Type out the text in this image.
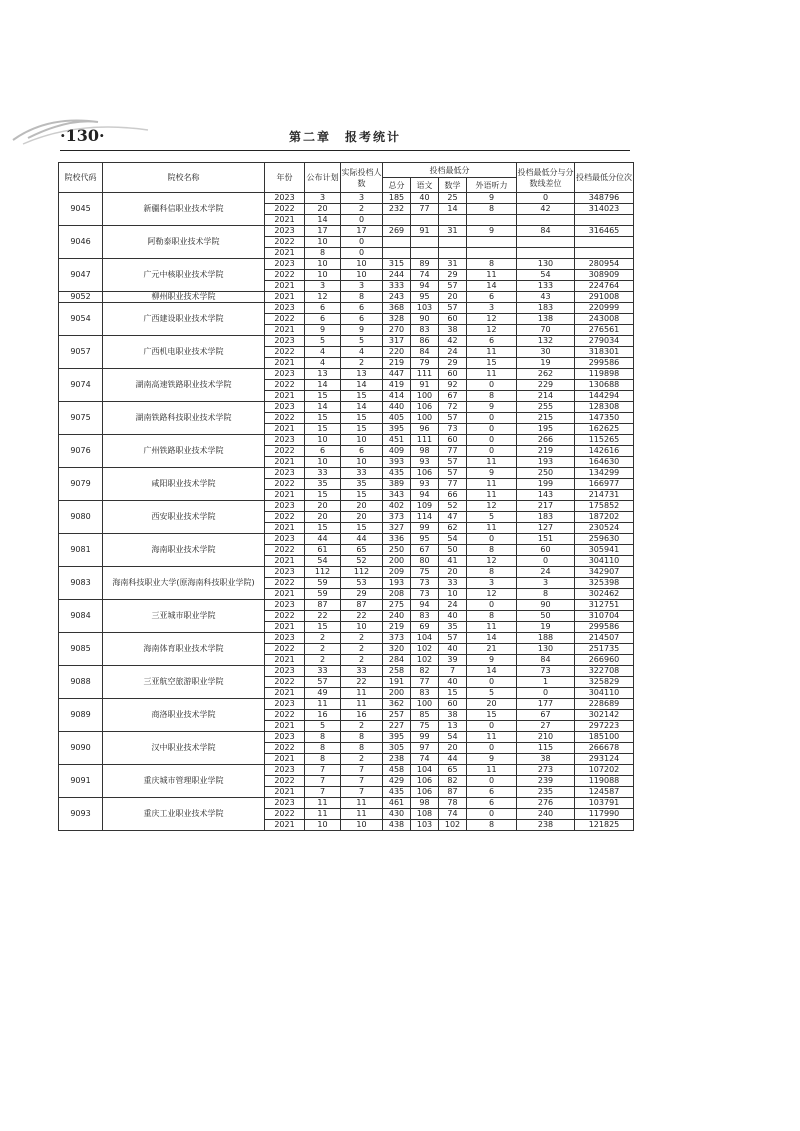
·130·	第二章　报考统计
院校代码	院校名称	年份	公布计划	实际投档人数	投档最低分				投档最低分与分数线差位	投档最低分位次
					总分	语文	数学	外语听力		
9045	新疆科信职业技术学院	2023	3	3	185	40	25	9	0	348796
		2022	20	2	232	77	14	8	42	314023
		2021	14	0						
9046	阿勒泰职业技术学院	2023	17	17	269	91	31	9	84	316465
		2022	10	0						
		2021	8	0						
9047	广元中核职业技术学院	2023	10	10	315	89	31	8	130	280954
		2022	10	10	244	74	29	11	54	308909
		2021	3	3	333	94	57	14	133	224764
9052	柳州职业技术学院	2021	12	8	243	95	20	6	43	291008
9054	广西建设职业技术学院	2023	6	6	368	103	57	3	183	220999
		2022	6	6	328	90	60	12	138	243008
		2021	9	9	270	83	38	12	70	276561
9057	广西机电职业技术学院	2023	5	5	317	86	42	6	132	279034
		2022	4	4	220	84	24	11	30	318301
		2021	4	2	219	79	29	15	19	299586
9074	湖南高速铁路职业技术学院	2023	13	13	447	111	60	11	262	119898
		2022	14	14	419	91	92	0	229	130688
		2021	15	15	414	100	67	8	214	144294
9075	湖南铁路科技职业技术学院	2023	14	14	440	106	72	9	255	128308
		2022	15	15	405	100	57	0	215	147350
		2021	15	15	395	96	73	0	195	162625
9076	广州铁路职业技术学院	2023	10	10	451	111	60	0	266	115265
		2022	6	6	409	98	77	0	219	142616
		2021	10	10	393	93	57	11	193	164630
9079	咸阳职业技术学院	2023	33	33	435	106	57	9	250	134299
		2022	35	35	389	93	77	11	199	166977
		2021	15	15	343	94	66	11	143	214731
9080	西安职业技术学院	2023	20	20	402	109	52	12	217	175852
		2022	20	20	373	114	47	5	183	187202
		2021	15	15	327	99	62	11	127	230524
9081	海南职业技术学院	2023	44	44	336	95	54	0	151	259630
		2022	61	65	250	67	50	8	60	305941
		2021	54	52	200	80	41	12	0	304110
9083	海南科技职业大学(原海南科技职业学院)	2023	112	112	209	75	20	8	24	342907
		2022	59	53	193	73	33	3	3	325398
		2021	59	29	208	73	10	12	8	302462
9084	三亚城市职业学院	2023	87	87	275	94	24	0	90	312751
		2022	22	22	240	83	40	8	50	310704
		2021	15	10	219	69	35	11	19	299586
9085	海南体育职业技术学院	2023	2	2	373	104	57	14	188	214507
		2022	2	2	320	102	40	21	130	251735
		2021	2	2	284	102	39	9	84	266960
9088	三亚航空旅游职业学院	2023	33	33	258	82	7	14	73	322708
		2022	57	22	191	77	40	0	1	325829
		2021	49	11	200	83	15	5	0	304110
9089	商洛职业技术学院	2023	11	11	362	100	60	20	177	228689
		2022	16	16	257	85	38	15	67	302142
		2021	5	2	227	75	13	0	27	297223
9090	汉中职业技术学院	2023	8	8	395	99	54	11	210	185100
		2022	8	8	305	97	20	0	115	266678
		2021	8	2	238	74	44	9	38	293124
9091	重庆城市管理职业学院	2023	7	7	458	104	65	11	273	107202
		2022	7	7	429	106	82	0	239	119088
		2021	7	7	435	106	87	6	235	124587
9093	重庆工业职业技术学院	2023	11	11	461	98	78	6	276	103791
		2022	11	11	430	108	74	0	240	117990
		2021	10	10	438	103	102	8	238	121825
